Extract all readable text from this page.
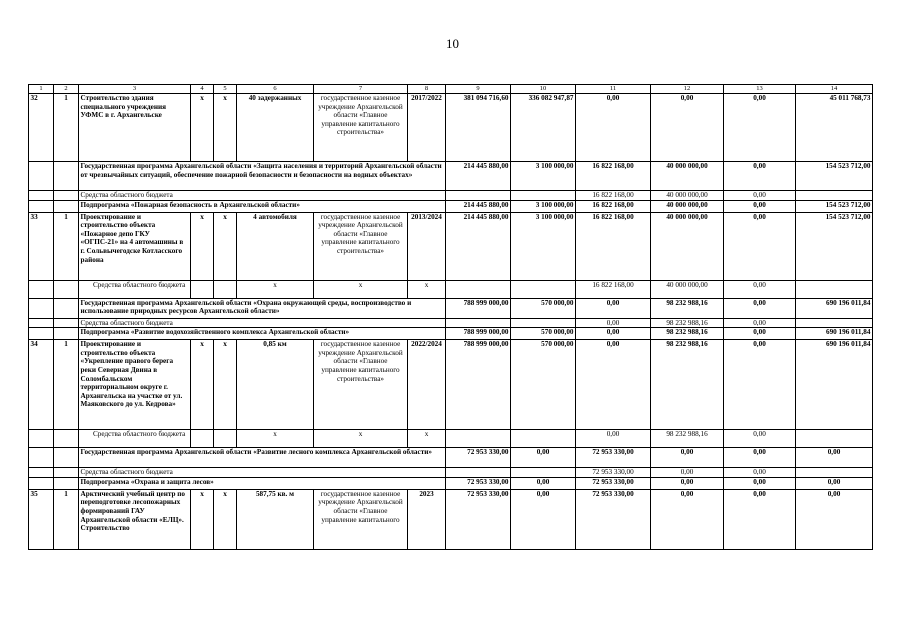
10
1	2	3	4	5	6	7	8	9	10	11	12	13	14
32	1	Строительство здания специального учреждения УФМС в г. Архангельске	х	х	40 задержанных	государственное казенное учреждение Архангельской области «Главное управление капитального строительства»	2017/2022	381 094 716,60	336 082 947,87	0,00	0,00	0,00	45 011 768,73
		Государственная программа Архангельской области «Защита населения и территорий Архангельской области от чрезвычайных ситуаций, обеспечение пожарной безопасности и безопасности на водных объектах»						214 445 880,00	3 100 000,00	16 822 168,00	40 000 000,00	0,00	154 523 712,00
		Средства областного бюджета								16 822 168,00	40 000 000,00	0,00	
		Подпрограмма «Пожарная безопасность в Архангельской области»						214 445 880,00	3 100 000,00	16 822 168,00	40 000 000,00	0,00	154 523 712,00
33	1	Проектирование и строительство объекта «Пожарное депо ГКУ «ОГПС-21» на 4 автомашины в г. Сольвычегодске Котласского района	х	х	4 автомобиля	государственное казенное учреждение Архангельской области «Главное управление капитального строительства»	2013/2024	214 445 880,00	3 100 000,00	16 822 168,00	40 000 000,00	0,00	154 523 712,00
		Средства областного бюджета			х	х	х			16 822 168,00	40 000 000,00	0,00	
		Государственная программа Архангельской области «Охрана окружающей среды, воспроизводство и использование природных ресурсов Архангельской области»						788 999 000,00	570 000,00	0,00	98 232 988,16	0,00	690 196 011,84
		Средства областного бюджета								0,00	98 232 988,16	0,00	
		Подпрограмма «Развитие водохозяйственного комплекса Архангельской области»						788 999 000,00	570 000,00	0,00	98 232 988,16	0,00	690 196 011,84
34	1	Проектирование и строительство объекта «Укрепление правого берега реки Северная Двина в Соломбальском территориальном округе г. Архангельска на участке от ул. Маяковского до ул. Кедрова»	х	х	0,85 км	государственное казенное учреждение Архангельской области «Главное управление капитального строительства»	2022/2024	788 999 000,00	570 000,00	0,00	98 232 988,16	0,00	690 196 011,84
		Средства областного бюджета			х	х	х			0,00	98 232 988,16	0,00	
		Государственная программа Архангельской области «Развитие лесного комплекса Архангельской области»						72 953 330,00	0,00	72 953 330,00	0,00	0,00	0,00
		Средства областного бюджета								72 953 330,00	0,00	0,00	
		Подпрограмма «Охрана и защита лесов»						72 953 330,00	0,00	72 953 330,00	0,00	0,00	0,00
35	1	Арктический учебный центр по переподготовке лесопожарных формирований ГАУ Архангельской области «ЕЛЦ». Строительство	х	х	587,75 кв. м	государственное казенное учреждение Архангельской области «Главное управление капитального	2023	72 953 330,00	0,00	72 953 330,00	0,00	0,00	0,00
